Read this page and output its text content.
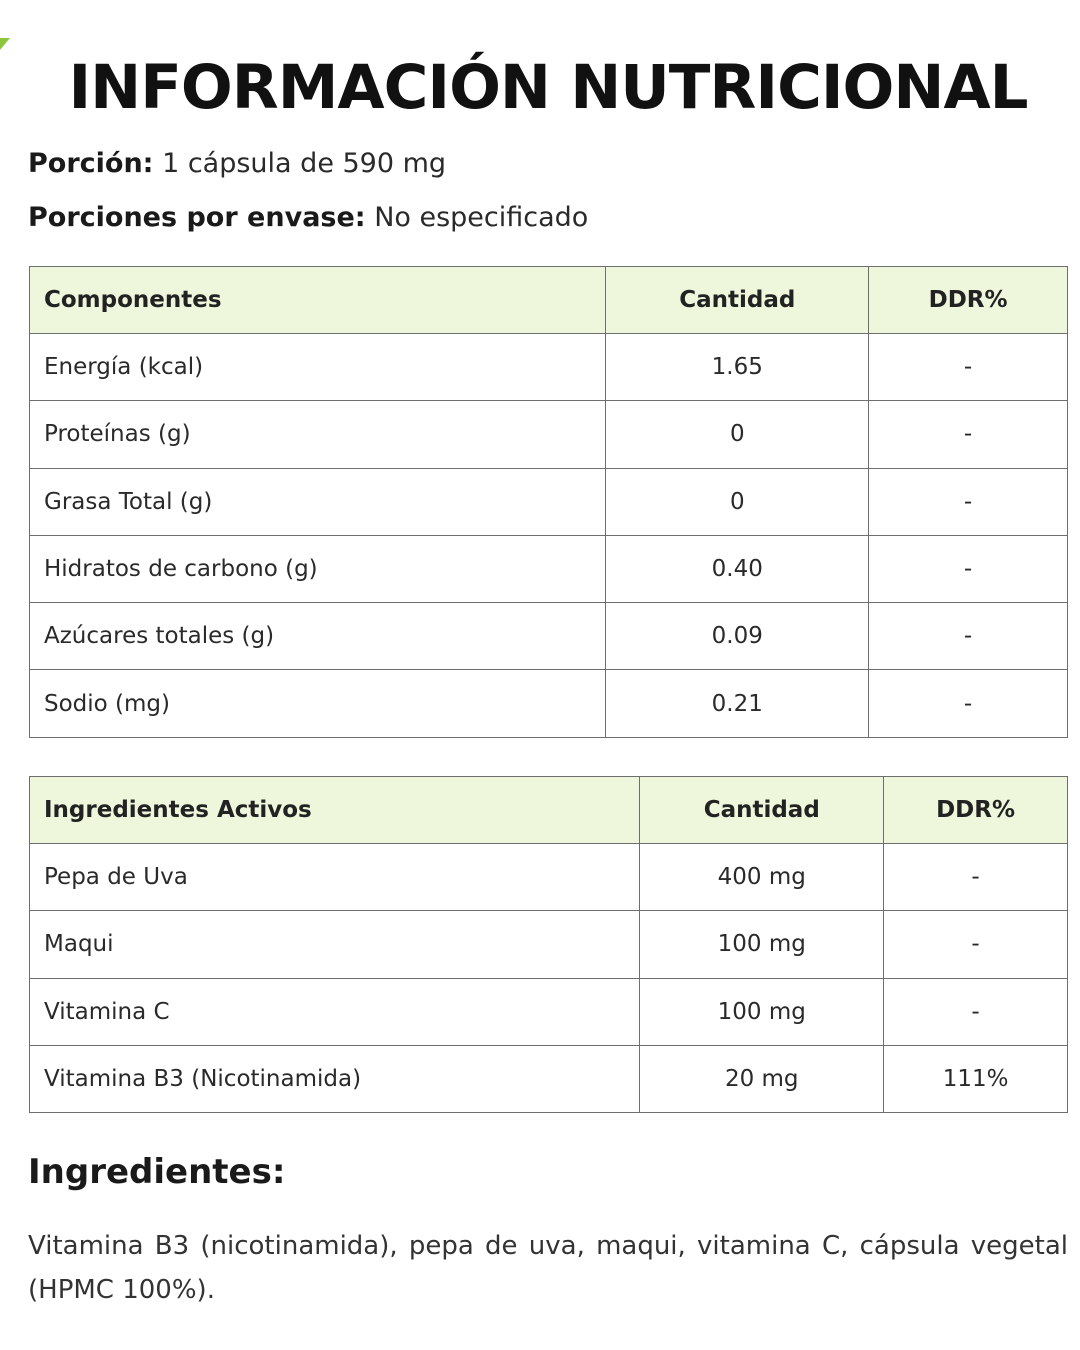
INFORMACIÓN NUTRICIONAL

Porción: 1 cápsula de 590 mg

Porciones por envase: No especificado

Componentes	Cantidad	DDR%
Energía (kcal)	1.65	-
Proteínas (g)	0	-
Grasa Total (g)	0	-
Hidratos de carbono (g)	0.40	-
Azúcares totales (g)	0.09	-
Sodio (mg)	0.21	-
Ingredientes Activos	Cantidad	DDR%
Pepa de Uva	400 mg	-
Maqui	100 mg	-
Vitamina C	100 mg	-
Vitamina B3 (Nicotinamida)	20 mg	111%
Ingredientes:

Vitamina B3 (nicotinamida), pepa de uva, maqui, vitamina C, cápsula vegetal (HPMC 100%).
